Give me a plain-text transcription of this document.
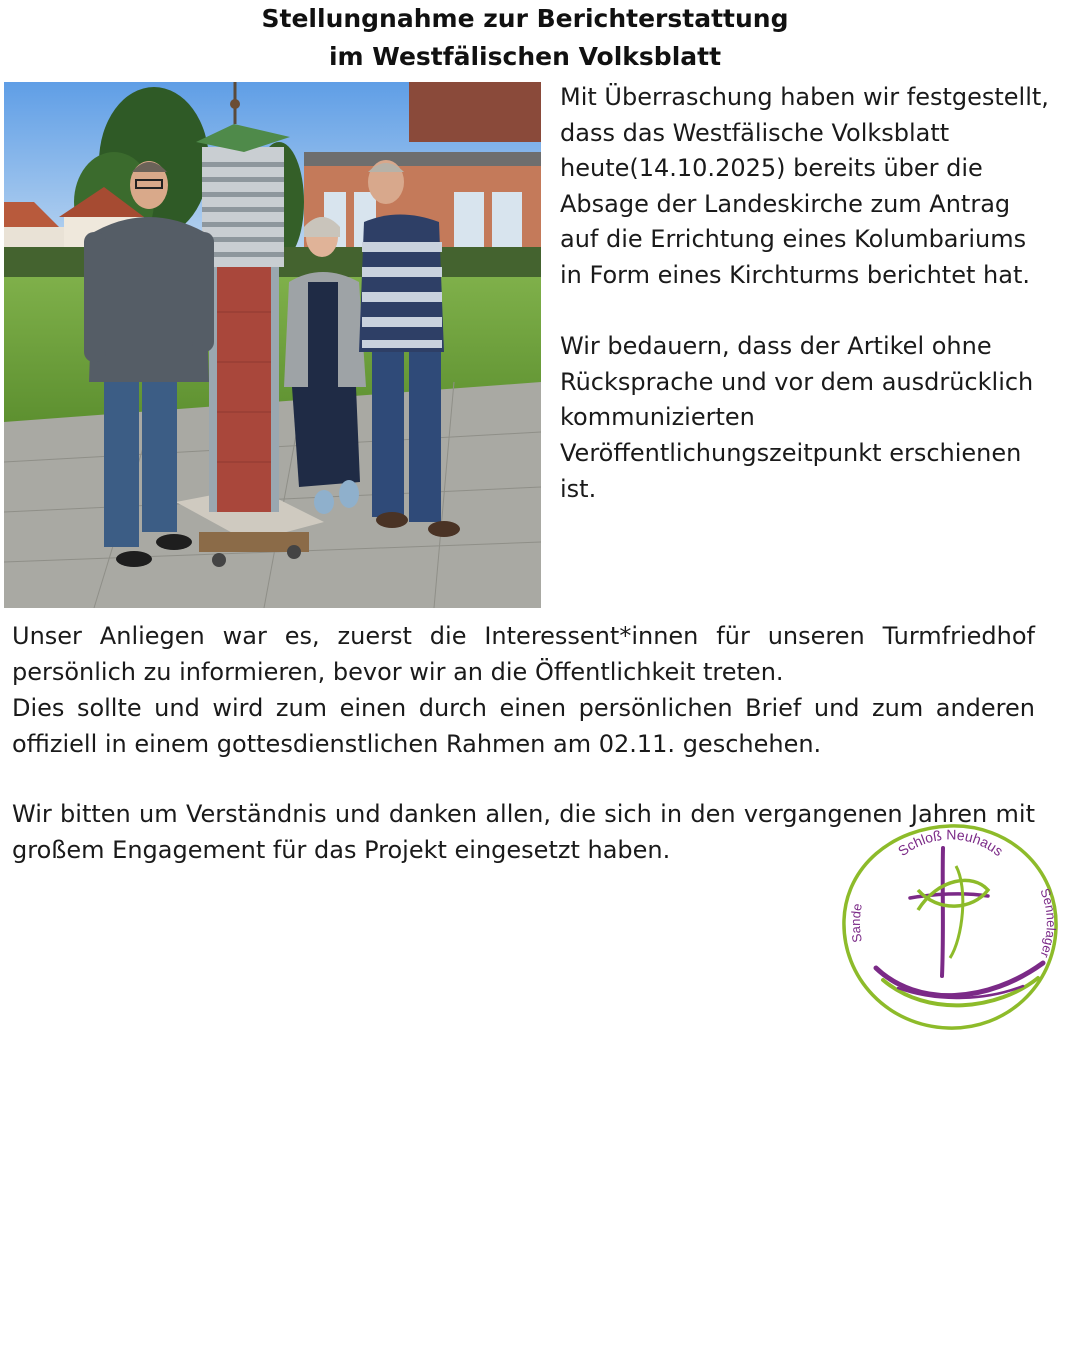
Stellungnahme zur Berichterstattung
im Westfälischen Volksblatt

Mit Überraschung haben wir festgestellt, dass das Westfälische Volksblatt heute(14.10.2025) bereits über die Absage der Landeskirche zum Antrag auf die Errichtung eines Kolumbariums in Form eines Kirchturms berichtet hat.

Wir bedauern, dass der Artikel ohne Rücksprache und vor dem ausdrücklich kommunizierten Veröffentlichungszeitpunkt erschienen ist.

Unser Anliegen war es, zuerst die Interessent*innen für unseren Turmfriedhof persönlich zu informieren, bevor wir an die Öffentlichkeit treten.

Dies sollte und wird zum einen durch einen persönlichen Brief und zum anderen offiziell in einem gottesdienstlichen Rahmen am 02.11. geschehen.

Wir bitten um Verständnis und danken allen, die sich in den vergangenen Jahren mit großem Engagement für das Projekt eingesetzt haben.	Schloß Neuhaus
Sande
Sennelager
